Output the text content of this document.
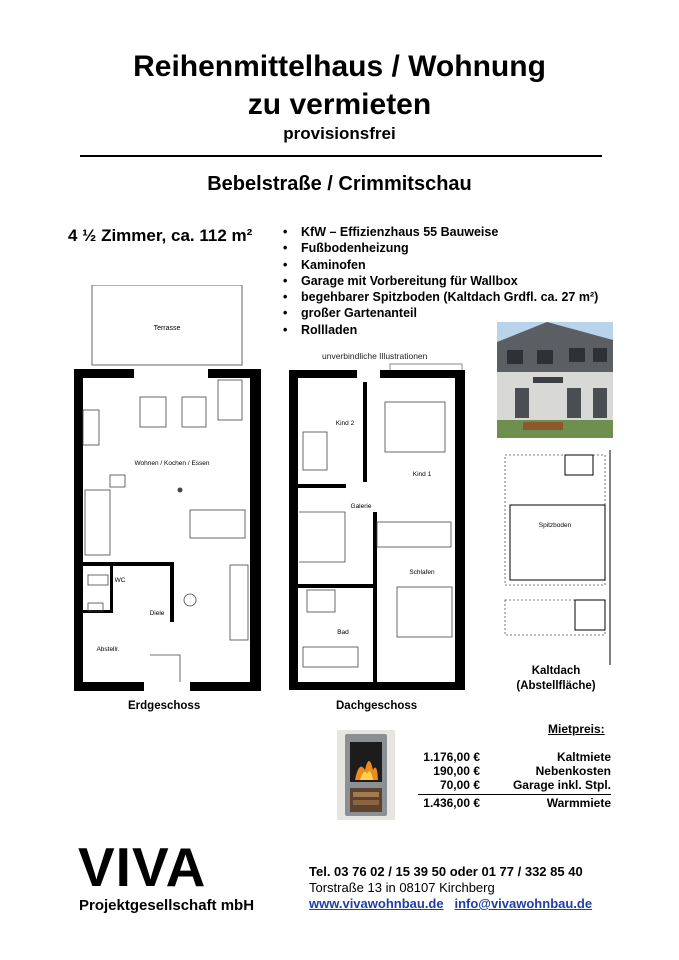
Reihenmittelhaus / Wohnung
zu vermieten
provisionsfrei
Bebelstraße / Crimmitschau
4 ½ Zimmer, ca. 112 m² • KfW – Effizienzhaus 55 Bauweise
• Fußbodenheizung
• Kaminofen
• Garage mit Vorbereitung für Wallbox
• begehbarer Spitzboden (Kaltdach Grdfl. ca. 27 m²)
• großer Gartenanteil
• Rollladen
unverbindliche Illustrationen
Terrasse
Wohnen / Kochen / Essen
WC
Diele
Abstellr.
Kind 2
Kind 1
Galerie
Schlafen
Bad
Spitzboden
Erdgeschoss	Dachgeschoss
Kaltdach
(Abstellfläche)
Mietpreis:
1.176,00 €	Kaltmiete
190,00 €	Nebenkosten
70,00 €	Garage inkl. Stpl.
1.436,00 €	Warmmiete
VIVA
Projektgesellschaft mbH
Tel. 03 76 02 / 15 39 50 oder 01 77 / 332 85 40
Torstraße 13 in 08107 Kirchberg
www.vivawohnbau.de info@vivawohnbau.de
